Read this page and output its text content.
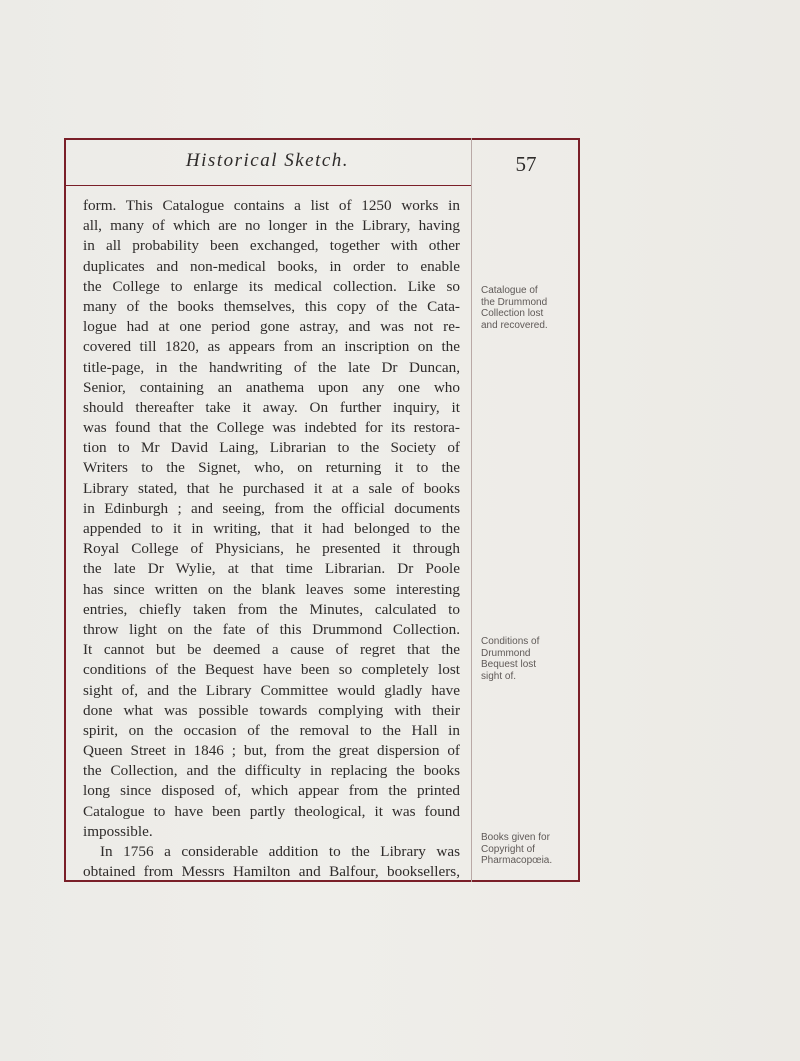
Historical Sketch.	57
form. This Catalogue contains a list of 1250 works in
all, many of which are no longer in the Library, having
in all probability been exchanged, together with other
duplicates and non-medical books, in order to enable
the College to enlarge its medical collection. Like so
many of the books themselves, this copy of the Cata-
logue had at one period gone astray, and was not re-
covered till 1820, as appears from an inscription on the
title-page, in the handwriting of the late Dr Duncan,
Senior, containing an anathema upon any one who
should thereafter take it away. On further inquiry, it
was found that the College was indebted for its restora-
tion to Mr David Laing, Librarian to the Society of
Writers to the Signet, who, on returning it to the
Library stated, that he purchased it at a sale of books
in Edinburgh ; and seeing, from the official documents
appended to it in writing, that it had belonged to the
Royal College of Physicians, he presented it through
the late Dr Wylie, at that time Librarian. Dr Poole
has since written on the blank leaves some interesting
entries, chiefly taken from the Minutes, calculated to
throw light on the fate of this Drummond Collection.
It cannot but be deemed a cause of regret that the
conditions of the Bequest have been so completely lost
sight of, and the Library Committee would gladly have
done what was possible towards complying with their
spirit, on the occasion of the removal to the Hall in
Queen Street in 1846 ; but, from the great dispersion of
the Collection, and the difficulty in replacing the books
long since disposed of, which appear from the printed
Catalogue to have been partly theological, it was found
impossible.
In 1756 a considerable addition to the Library was
obtained from Messrs Hamilton and Balfour, booksellers,
Catalogue of
the Drummond
Collection lost
and recovered.
Conditions of
Drummond
Bequest lost
sight of.
Books given for
Copyright of
Pharmacopœia.
